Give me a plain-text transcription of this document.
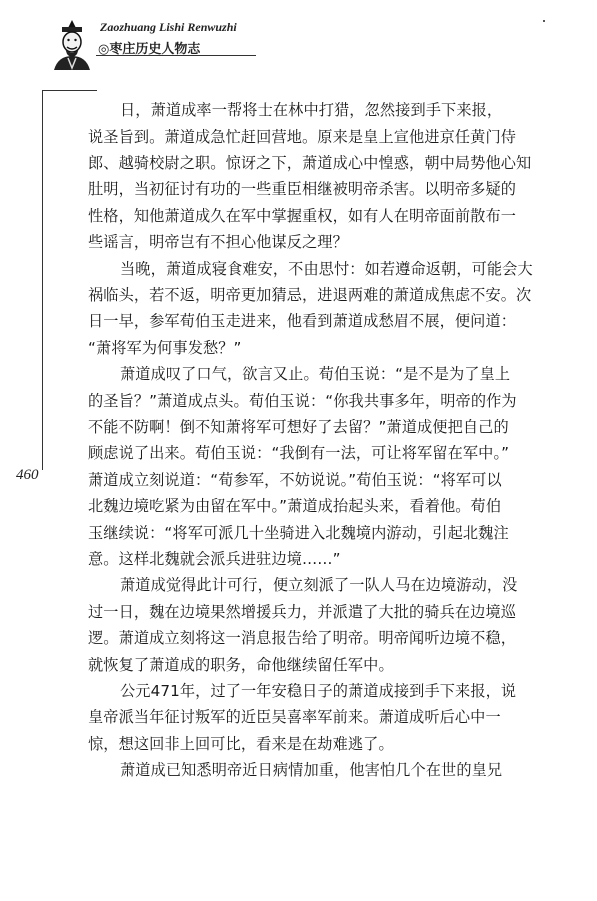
Zaozhuang Lishi Renwuzhi
◎枣庄历史人物志
460
日，萧道成率一帮将士在林中打猎，忽然接到手下来报，
说圣旨到。萧道成急忙赶回营地。原来是皇上宣他进京任黄门侍
郎、越骑校尉之职。惊讶之下，萧道成心中惶惑，朝中局势他心知
肚明，当初征讨有功的一些重臣相继被明帝杀害。以明帝多疑的
性格，知他萧道成久在军中掌握重权，如有人在明帝面前散布一
些谣言，明帝岂有不担心他谋反之理？
当晚，萧道成寝食难安，不由思忖：如若遵命返朝，可能会大
祸临头，若不返，明帝更加猜忌，进退两难的萧道成焦虑不安。次
日一早，参军荀伯玉走进来，他看到萧道成愁眉不展，便问道：
“萧将军为何事发愁？”
萧道成叹了口气，欲言又止。荀伯玉说：“是不是为了皇上
的圣旨？”萧道成点头。荀伯玉说：“你我共事多年，明帝的作为
不能不防啊！倒不知萧将军可想好了去留？”萧道成便把自己的
顾虑说了出来。荀伯玉说：“我倒有一法，可让将军留在军中。”
萧道成立刻说道：“荀参军，不妨说说。”荀伯玉说：“将军可以
北魏边境吃紧为由留在军中。”萧道成抬起头来，看着他。荀伯
玉继续说：“将军可派几十坐骑进入北魏境内游动，引起北魏注
意。这样北魏就会派兵进驻边境……”
萧道成觉得此计可行，便立刻派了一队人马在边境游动，没
过一日，魏在边境果然增援兵力，并派遣了大批的骑兵在边境巡
逻。萧道成立刻将这一消息报告给了明帝。明帝闻听边境不稳，
就恢复了萧道成的职务，命他继续留任军中。
公元471年，过了一年安稳日子的萧道成接到手下来报，说
皇帝派当年征讨叛军的近臣吴喜率军前来。萧道成听后心中一
惊，想这回非上回可比，看来是在劫难逃了。
萧道成已知悉明帝近日病情加重，他害怕几个在世的皇兄
